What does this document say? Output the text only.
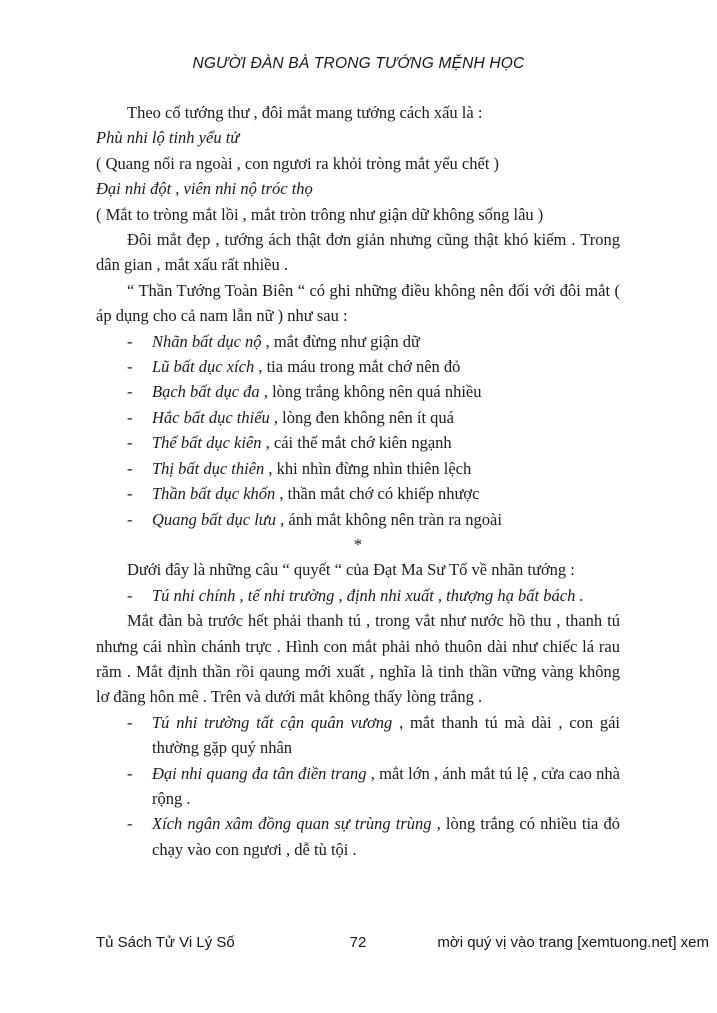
NGƯỜI ĐÀN BÀ TRONG TƯỚNG MỆNH HỌC

Theo cổ tướng thư , đôi mắt mang tướng cách xấu là :

Phù nhi lộ tinh yểu tử

( Quang nổi ra ngoài , con ngươi ra khỏi tròng mắt yểu chết )

Đại nhi đột , viên nhi nộ tróc thọ

( Mắt to tròng mắt lồi , mắt tròn trông như giận dữ không sống lâu )

Đôi mắt đẹp , tướng ách thật đơn giản nhưng cũng thật khó kiếm . Trong dân gian , mắt xấu rất nhiều .

“ Thần Tướng Toàn Biên “ có ghi những điều không nên đối với đôi mắt ( áp dụng cho cả nam lẫn nữ ) như sau :

-	Nhãn bất dục nộ , mắt đừng như giận dữ
-	Lũ bất dục xích , tia máu trong mắt chớ nên đỏ
-	Bạch bất dục đa , lòng trắng không nên quá nhiều
-	Hắc bất dục thiểu , lòng đen không nên ít quá
-	Thế bất dục kiên , cái thế mắt chớ kiên ngạnh
-	Thị bất dục thiên , khi nhìn đừng nhìn thiên lệch
-	Thần bất dục khốn , thần mắt chớ có khiếp nhược
-	Quang bất dục lưu , ánh mắt không nên tràn ra ngoài

*

Dưới đây là những câu “ quyết “ của Đạt Ma Sư Tổ về nhãn tướng :

-	Tú nhi chính , tế nhi trường , định nhi xuất , thượng hạ bất bách .

Mắt đàn bà trước hết phải thanh tú , trong vắt như nước hồ thu , thanh tú nhưng cái nhìn chánh trực . Hình con mắt phải nhỏ thuôn dài như chiếc lá rau răm . Mắt định thần rồi qaung mới xuất , nghĩa là tinh thần vững vàng không lơ đãng hôn mê . Trên và dưới mắt không thấy lòng trắng .

-	Tú nhi trường tất cận quân vương , mắt thanh tú mà dài , con gái thường gặp quý nhân
-	Đại nhi quang đa tân điền trang , mắt lớn , ánh mắt tú lệ , cửa cao nhà rộng .
-	Xích ngân xâm đồng quan sự trùng trùng , lòng trắng có nhiều tia đỏ chạy vào con ngươi , dễ tù tội .
Tủ Sách Tử Vi Lý Số	72	mời quý vị vào trang [xemtuong.net] xem
